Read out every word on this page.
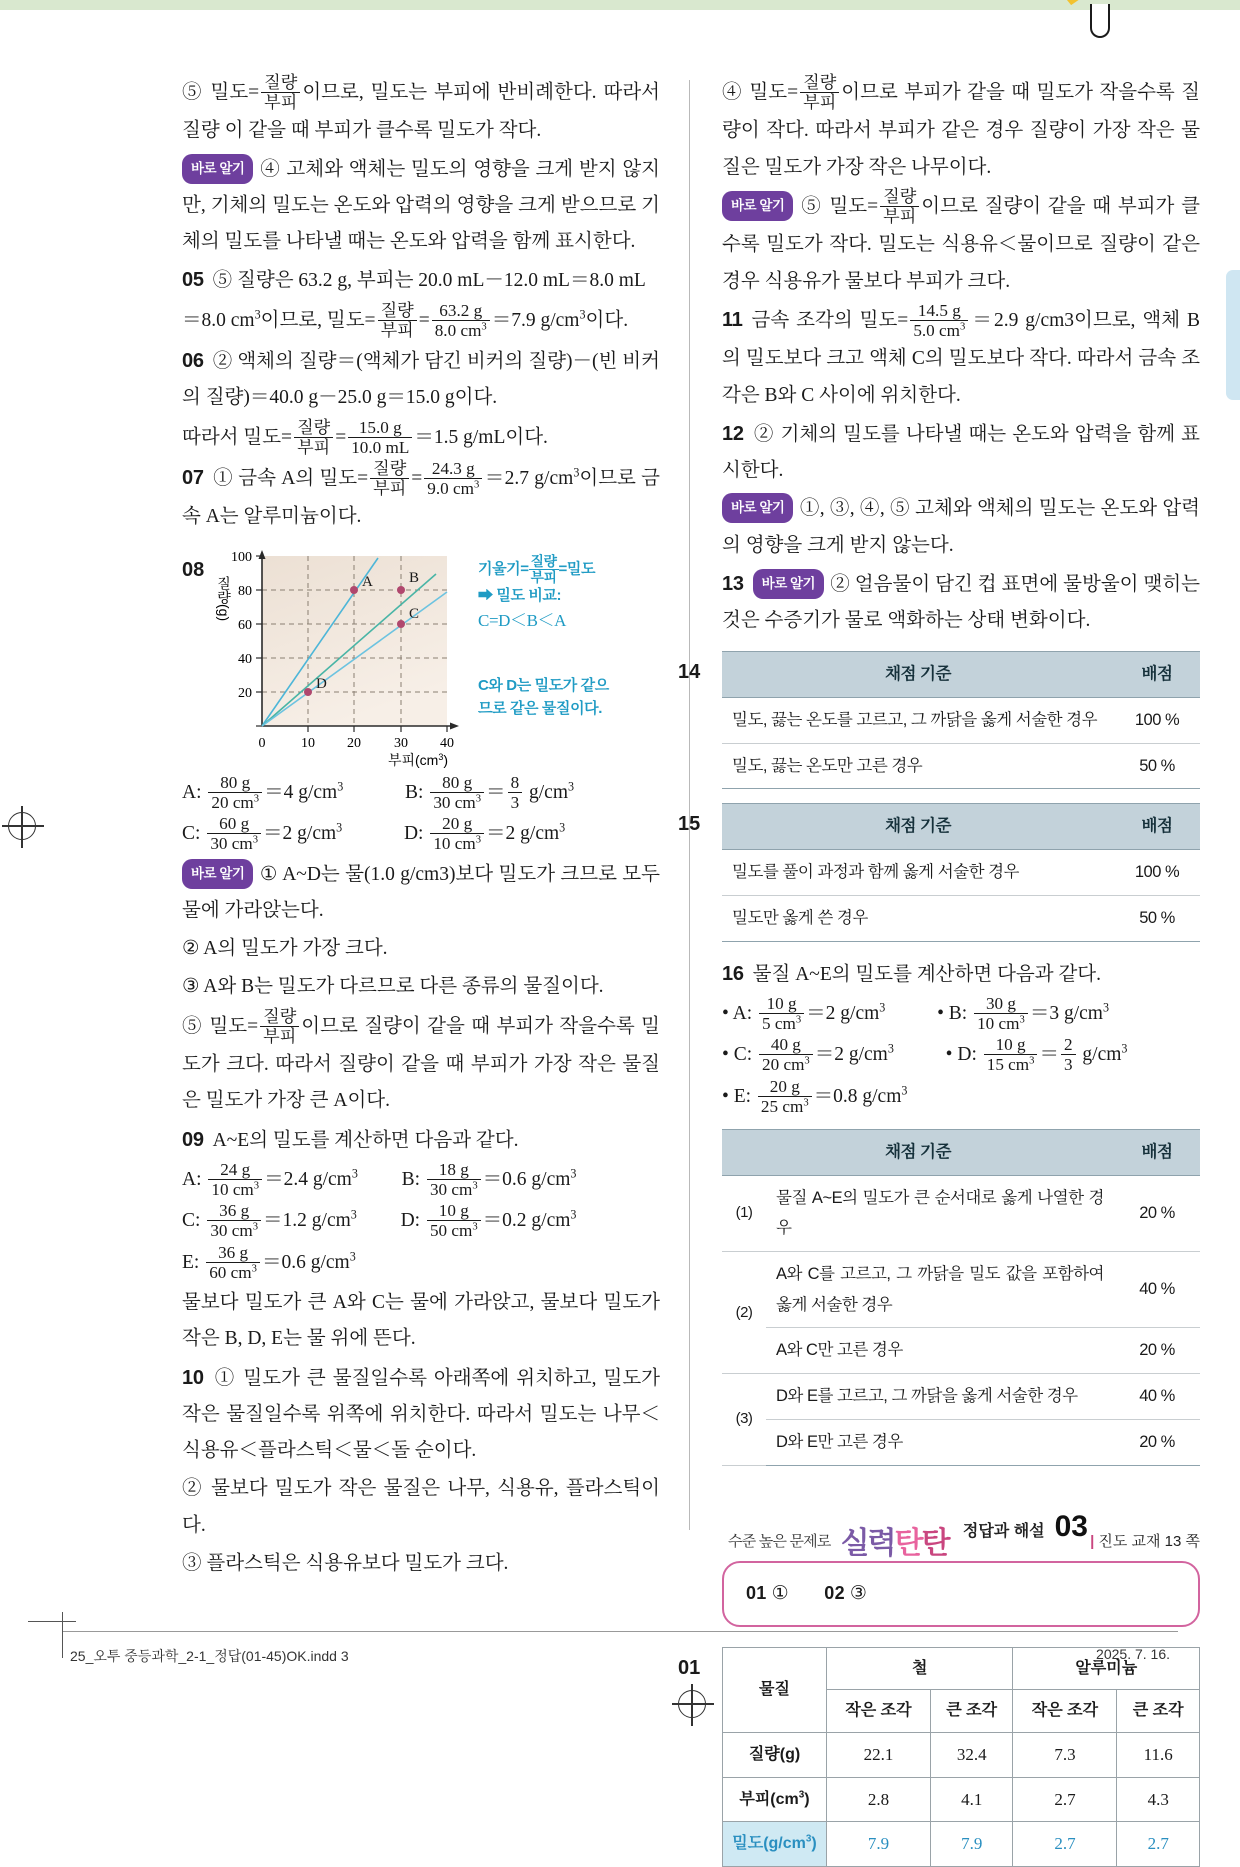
⑤ 밀도= $\frac{\text{질량}}{\text{부피}}$ 이므로, 밀도는 부피에 반비례한다. 따라서 질량 이 같을 때 부피가 클수록 밀도가 작다.

바로 알기 ④ 고체와 액체는 밀도의 영향을 크게 받지 않지만, 기체의 밀도는 온도와 압력의 영향을 크게 받으므로 기체의 밀도를 나타낼 때는 온도와 압력을 함께 표시한다.

05 ⑤ 질량은 63.2 g, 부피는 20.0 mL－12.0 mL＝8.0 mL

＝8.0 $cm^3$이므로, 밀도= $\frac{\text{질량}}{\text{부피}} = \frac{63.2 g}{8.0 cm^3} =7.9$ $g/cm^3$이다.

06 ② 액체의 질량＝(액체가 담긴 비커의 질량)－(빈 비커의 질량)＝40.0 g－25.0 g＝15.0 g이다.

따라서 밀도= $\frac{\text{질량}}{\text{부피}} = \frac{15.0 g}{10.0 mL} =1.5$ g/mL이다.

07 ① 금속 A의 밀도= $\frac{\text{질량}}{\text{부피}} = \frac{24.3 g}{9.0 cm^3} =2.7$ $g/cm^3$이므로 금속 A는 알루미늄이다.

08
A B
C
D
100
80
60
40
20
0	10 20 30 40
부피$(cm^3)$
질량(g)
기울기= 질량
부피
=밀도
➡ 밀도 비교:
C=D＜B＜A
C와 D는 밀도가 같으
므로 같은 물질이다.

A: $\frac{80 g}{20 cm^3} =4$ $g/cm^3$	B: $\frac{80 g}{30 cm^3} = \frac{8}{3} g/cm^3$

C: $\frac{60 g}{30 cm^3} =2$ $g/cm^3$	D: $\frac{20 g}{10 cm^3} =2$ $g/cm^3$

바로 알기 ① A~D는 물(1.0 g/cm3)보다 밀도가 크므로 모두 물에 가라앉는다.

② A의 밀도가 가장 크다.

③ A와 B는 밀도가 다르므로 다른 종류의 물질이다.

⑤ 밀도= $\frac{\text{질량}}{\text{부피}}$ 이므로 질량이 같을 때 부피가 작을수록 밀도가 크다. 따라서 질량이 같을 때 부피가 가장 작은 물질은 밀도가 가장 큰 A이다.

09 A~E의 밀도를 계산하면 다음과 같다.

A: $\frac{24 g}{10 cm^3} =2.4$ $g/cm^3$ B: $\frac{18 g}{30 cm^3} =0.6$ $g/cm^3$

C: $\frac{36 g}{30 cm^3} =1.2$ $g/cm^3$ D: $\frac{10 g}{50 cm^3} =0.2$ $g/cm^3$

E: $\frac{36 g}{60 cm^3} =0.6$ $g/cm^3$

물보다 밀도가 큰 A와 C는 물에 가라앉고, 물보다 밀도가 작은 B, D, E는 물 위에 뜬다.

10 ① 밀도가 큰 물질일수록 아래쪽에 위치하고, 밀도가 작은 물질일수록 위쪽에 위치한다. 따라서 밀도는 나무＜식용유＜플라스틱＜물＜돌 순이다.

② 물보다 밀도가 작은 물질은 나무, 식용유, 플라스틱이다.

③ 플라스틱은 식용유보다 밀도가 크다.

④ 밀도= $\frac{\text{질량}}{\text{부피}}$ 이므로 부피가 같을 때 밀도가 작을수록 질량이 작다. 따라서 부피가 같은 경우 질량이 가장 작은 물질은 밀도가 가장 작은 나무이다.

바로 알기 ⑤ 밀도= $\frac{\text{질량}}{\text{부피}}$ 이므로 질량이 같을 때 부피가 클수록 밀도가 작다. 밀도는 식용유＜물이므로 질량이 같은 경우 식용유가 물보다 부피가 크다.

11 금속 조각의 밀도= $\frac{14.5 g}{5.0 cm^3} =2.9$ g/cm3이므로, 액체 B의 밀도보다 크고 액체 C의 밀도보다 작다. 따라서 금속 조각은 B와 C 사이에 위치한다.

12 ② 기체의 밀도를 나타낼 때는 온도와 압력을 함께 표시한다.

바로 알기 ①, ③, ④, ⑤ 고체와 액체의 밀도는 온도와 압력의 영향을 크게 받지 않는다.

13 바로 알기 ② 얼음물이 담긴 컵 표면에 물방울이 맺히는 것은 수증기가 물로 액화하는 상태 변화이다.

14	채점 기준	배점
밀도, 끓는 온도를 고르고, 그 까닭을 옳게 서술한 경우	100 %
밀도, 끓는 온도만 고른 경우	50 %
15	채점 기준	배점
밀도를 풀이 과정과 함께 옳게 서술한 경우	100 %
밀도만 옳게 쓴 경우	50 %

16 물질 A~E의 밀도를 계산하면 다음과 같다.

• A: $\frac{10 g}{5 cm^3} =2$ $g/cm^3$	• B: $\frac{30 g}{10 cm^3} =3$ $g/cm^3$

• C: $\frac{40 g}{20 cm^3} =2$ $g/cm^3$	• D: $\frac{10 g}{15 cm^3} = \frac{2}{3} g/cm^3$

• E: $\frac{20 g}{25 cm^3} =0.8$ $g/cm^3$

채점 기준		배점
(1)	물질 A~E의 밀도가 큰 순서대로 옳게 나열한 경우	20 %
(2)	A와 C를 고르고, 그 까닭을 밀도 값을 포함하여 옳게 서술한 경우	40 %
	A와 C만 고른 경우	20 %
(3)	D와 E를 고르고, 그 까닭을 옳게 서술한 경우	40 %
	D와 E만 고른 경우	20 %
수준 높은 문제로 실력탄탄	| 진도 교재 13 쪽
01 ① 02 ③
01
물질	철		알루미늄	
	작은 조각	큰 조각	작은 조각	큰 조각
질량(g)	22.1	32.4	7.3	11.6
부피$(cm^3)$	2.8	4.1	2.7	4.3
밀도$(g/cm^3)$	7.9	7.9	2.7	2.7
정답과 해설 03
25_오투 중등과학_2-1_정답(01-45)OK.indd 3	2025. 7. 16.
